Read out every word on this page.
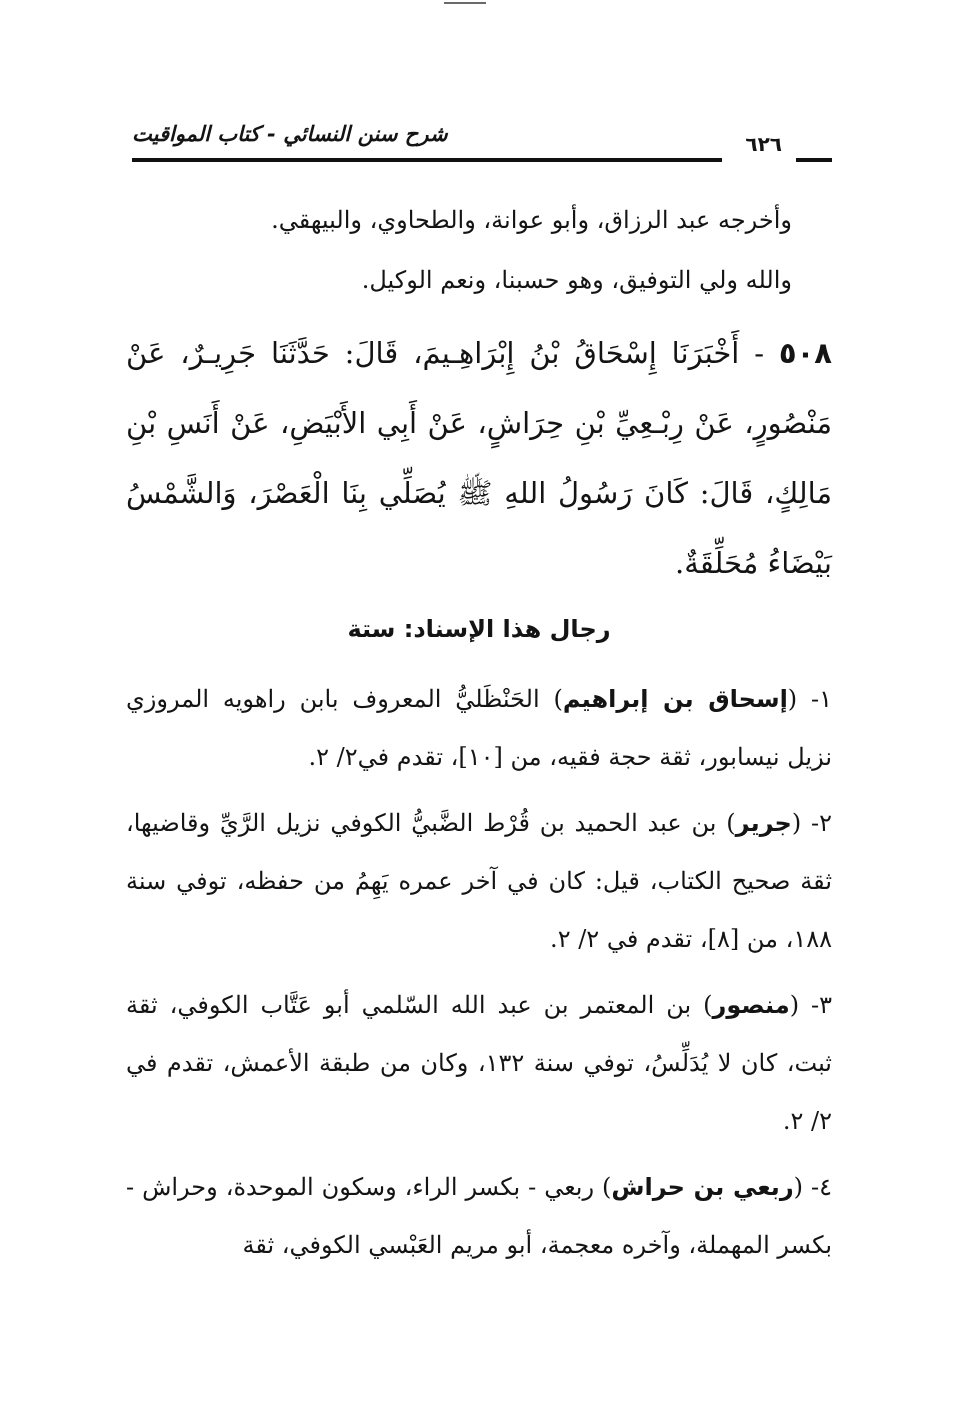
شرح سنن النسائي - كتاب المواقيت	٦٢٦

وأخرجه عبد الرزاق، وأبو عوانة، والطحاوي، والبيهقي.

والله ولي التوفيق، وهو حسبنا، ونعم الوكيل.

٥٠٨ - أَخْبَرَنَا إِسْحَاقُ بْنُ إِبْرَاهِـيمَ، قَالَ: حَدَّثَنَا جَرِيـرٌ، عَنْ مَنْصُورٍ، عَنْ رِبْـعِيِّ بْنِ حِرَاشٍ، عَنْ أَبِي الأَبْيَضِ، عَنْ أَنَسِ بْنِ مَالِكٍ، قَالَ: كَانَ رَسُولُ اللهِ ﷺ يُصَلِّي بِنَا الْعَصْرَ، وَالشَّمْسُ بَيْضَاءُ مُحَلِّقَةٌ.

رجال هذا الإسناد: ستة

١- (إسحاق بن إبراهيم) الحَنْظَليُّ المعروف بابن راهويه المروزي نزيل نيسابور، ثقة حجة فقيه، من [١٠]، تقدم في٢/ ٢.

٢- (جرير) بن عبد الحميد بن قُرْط الضَّبيُّ الكوفي نزيل الرَّيِّ وقاضيها، ثقة صحيح الكتاب، قيل: كان في آخر عمره يَهِمُ من حفظه، توفي سنة ١٨٨، من [٨]، تقدم في ٢/ ٢.

٣- (منصور) بن المعتمر بن عبد الله السّلمي أبو عَتَّاب الكوفي، ثقة ثبت، كان لا يُدَلِّسُ، توفي سنة ١٣٢، وكان من طبقة الأعمش، تقدم في ٢/ ٢.

٤- (ربعي بن حراش) ربعي - بكسر الراء، وسكون الموحدة، وحراش - بكسر المهملة، وآخره معجمة، أبو مريم العَبْسي الكوفي، ثقة
